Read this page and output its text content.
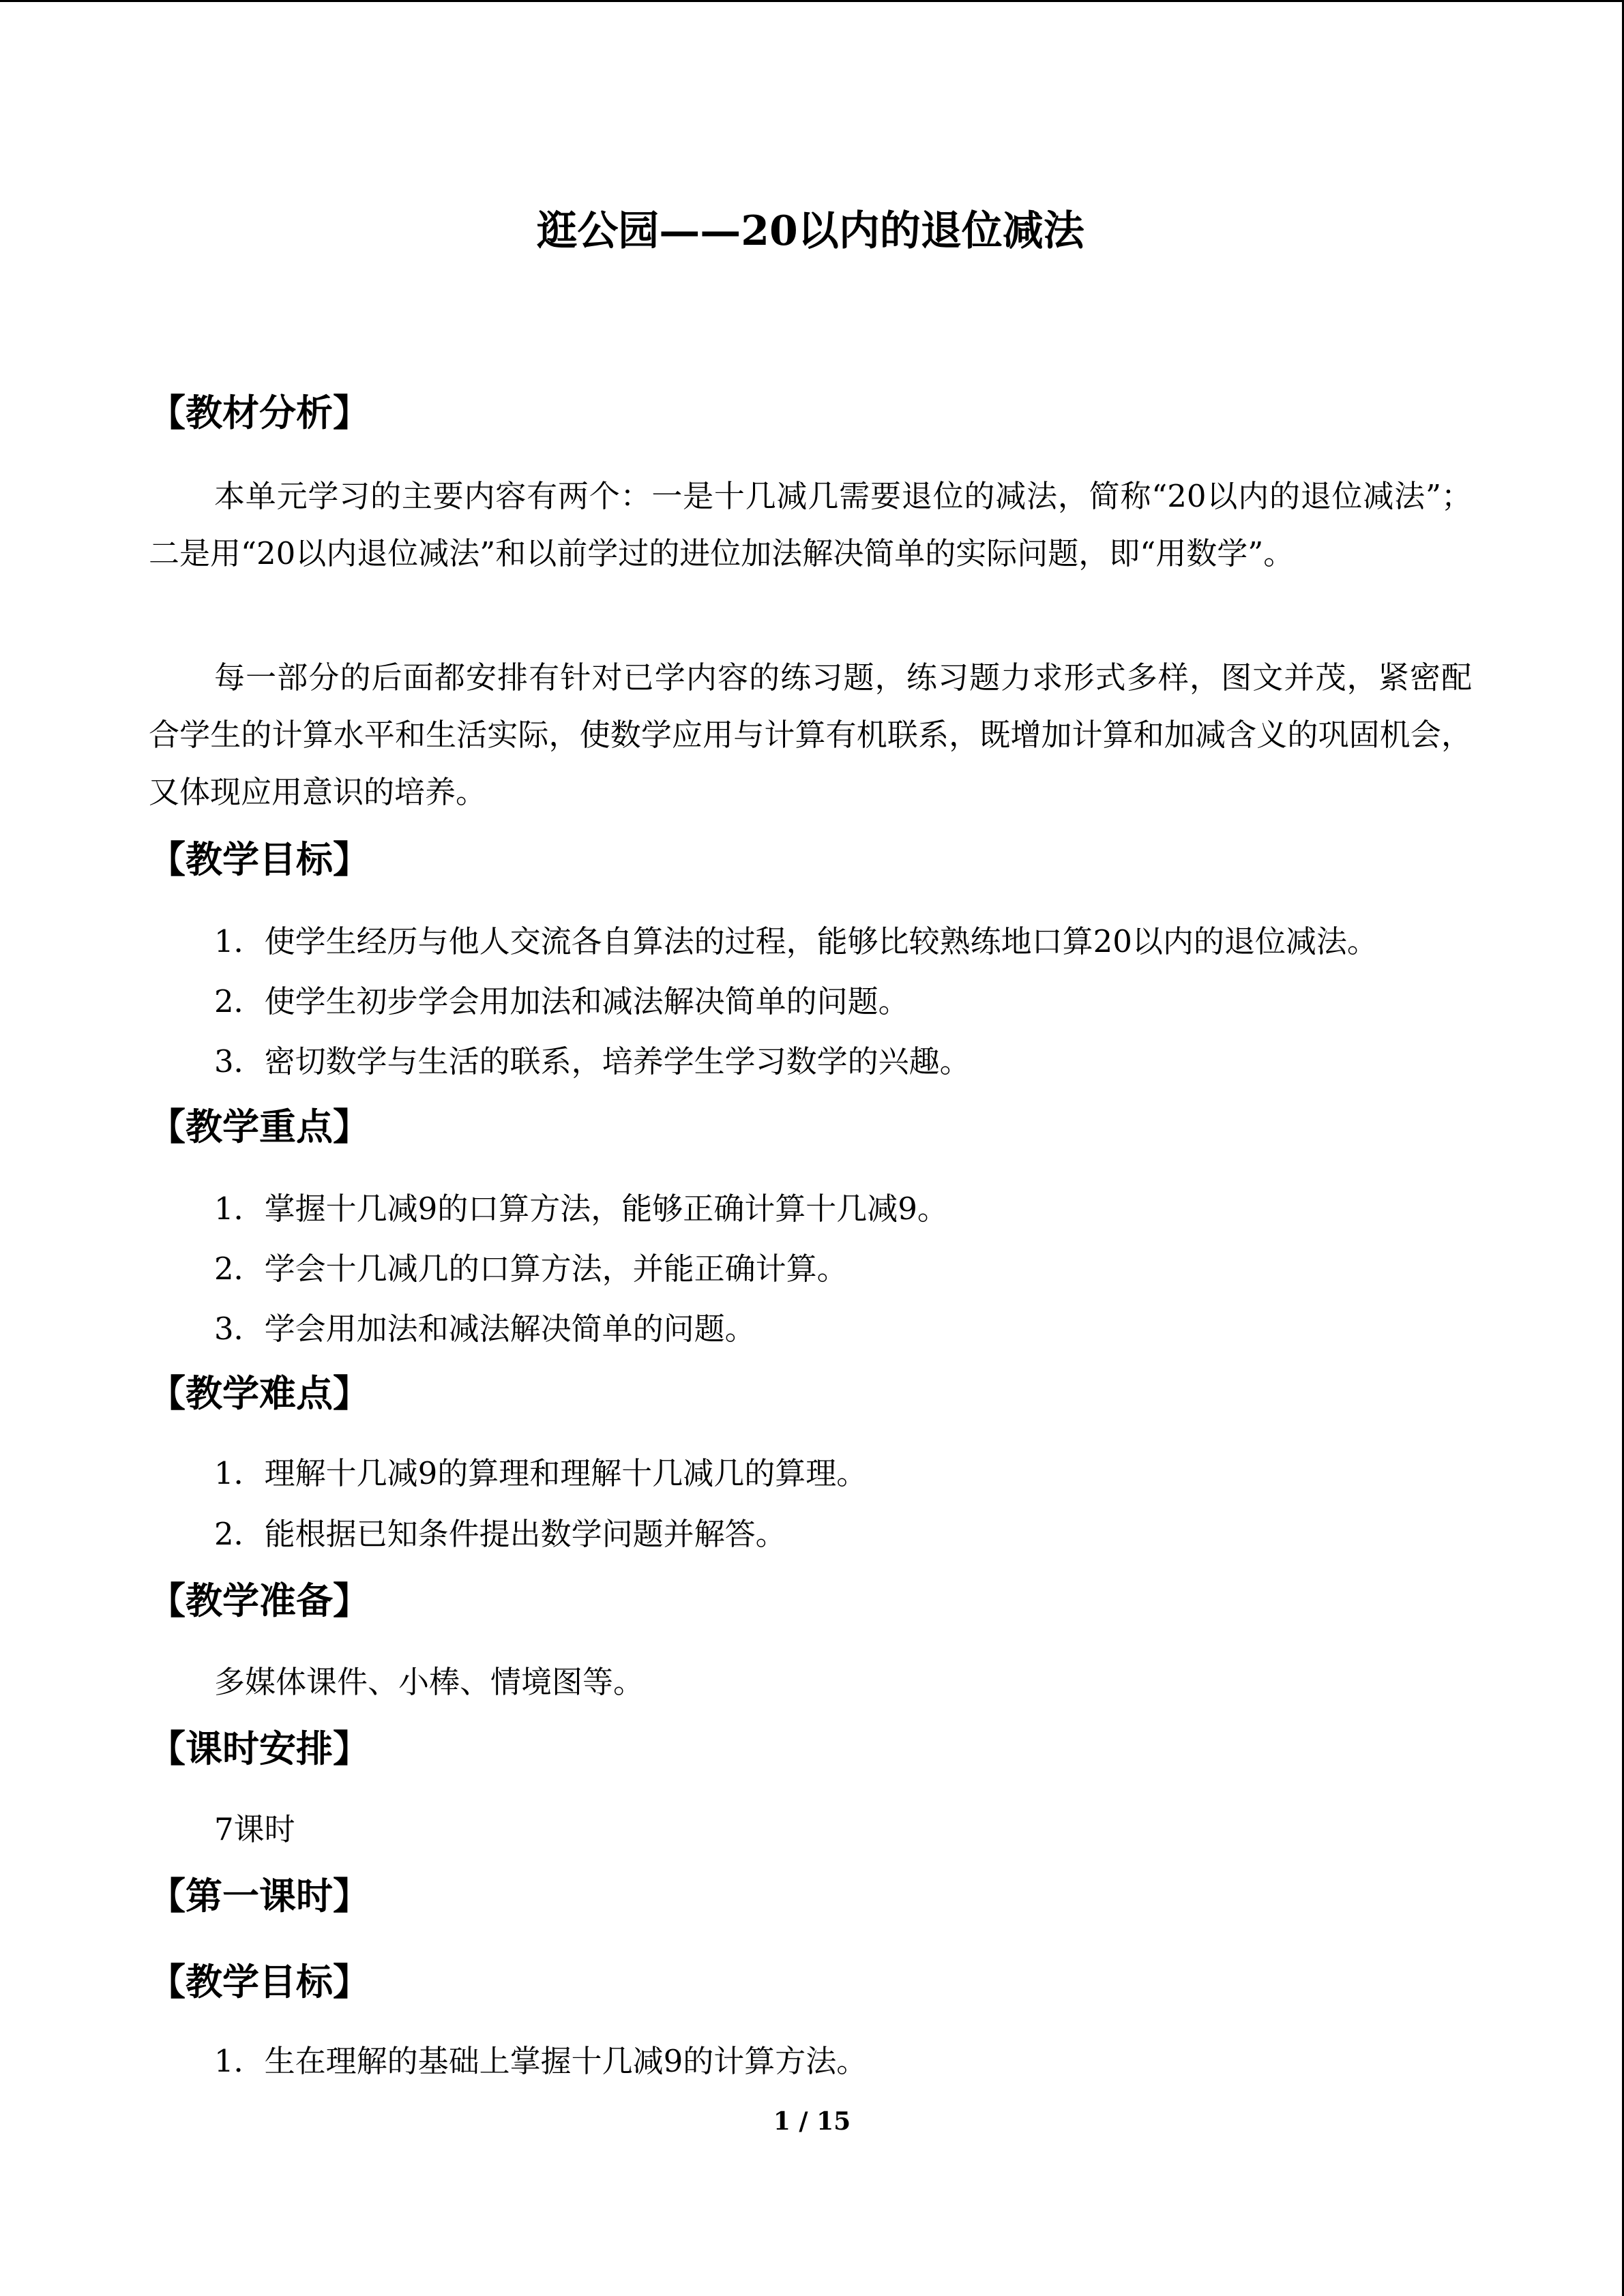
逛公园——20以内的退位减法
【教材分析】
本单元学习的主要内容有两个：一是十几减几需要退位的减法，简称“20以内的退位减法”；二是用“20以内退位减法”和以前学过的进位加法解决简单的实际问题，即“用数学”。
每一部分的后面都安排有针对已学内容的练习题，练习题力求形式多样，图文并茂，紧密配合学生的计算水平和生活实际，使数学应用与计算有机联系，既增加计算和加减含义的巩固机会，又体现应用意识的培养。
【教学目标】
1．使学生经历与他人交流各自算法的过程，能够比较熟练地口算20以内的退位减法。
2．使学生初步学会用加法和减法解决简单的问题。
3．密切数学与生活的联系，培养学生学习数学的兴趣。
【教学重点】
1．掌握十几减9的口算方法，能够正确计算十几减9。
2．学会十几减几的口算方法，并能正确计算。
3．学会用加法和减法解决简单的问题。
【教学难点】
1．理解十几减9的算理和理解十几减几的算理。
2．能根据已知条件提出数学问题并解答。
【教学准备】
多媒体课件、小棒、情境图等。
【课时安排】
7课时
【第一课时】
【教学目标】
1．生在理解的基础上掌握十几减9的计算方法。
1 / 15
